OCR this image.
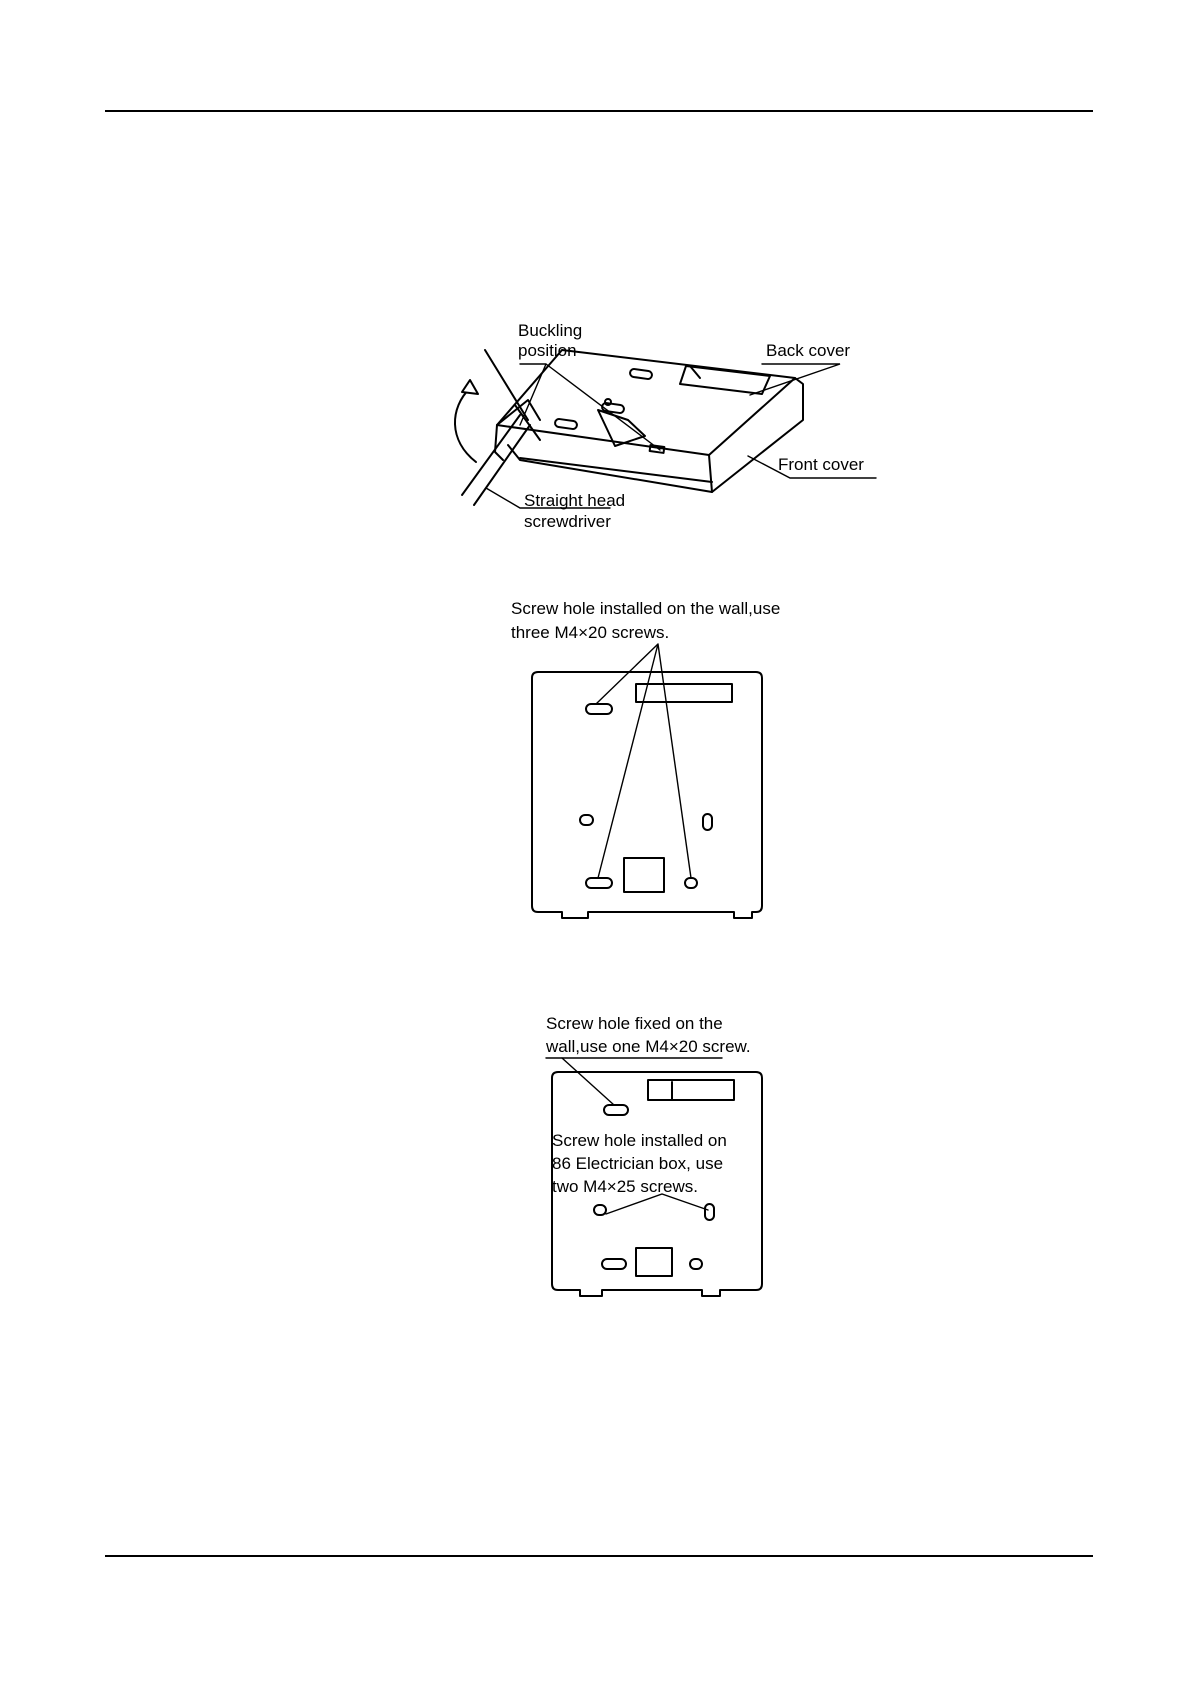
Buckling
position	Back cover
Front cover
Straight head
screwdriver
Screw hole installed on the wall,use
three M4×20 screws.
Screw hole fixed on the
wall,use one M4×20 screw.
Screw hole installed on
86 Electrician box, use
two M4×25 screws.
